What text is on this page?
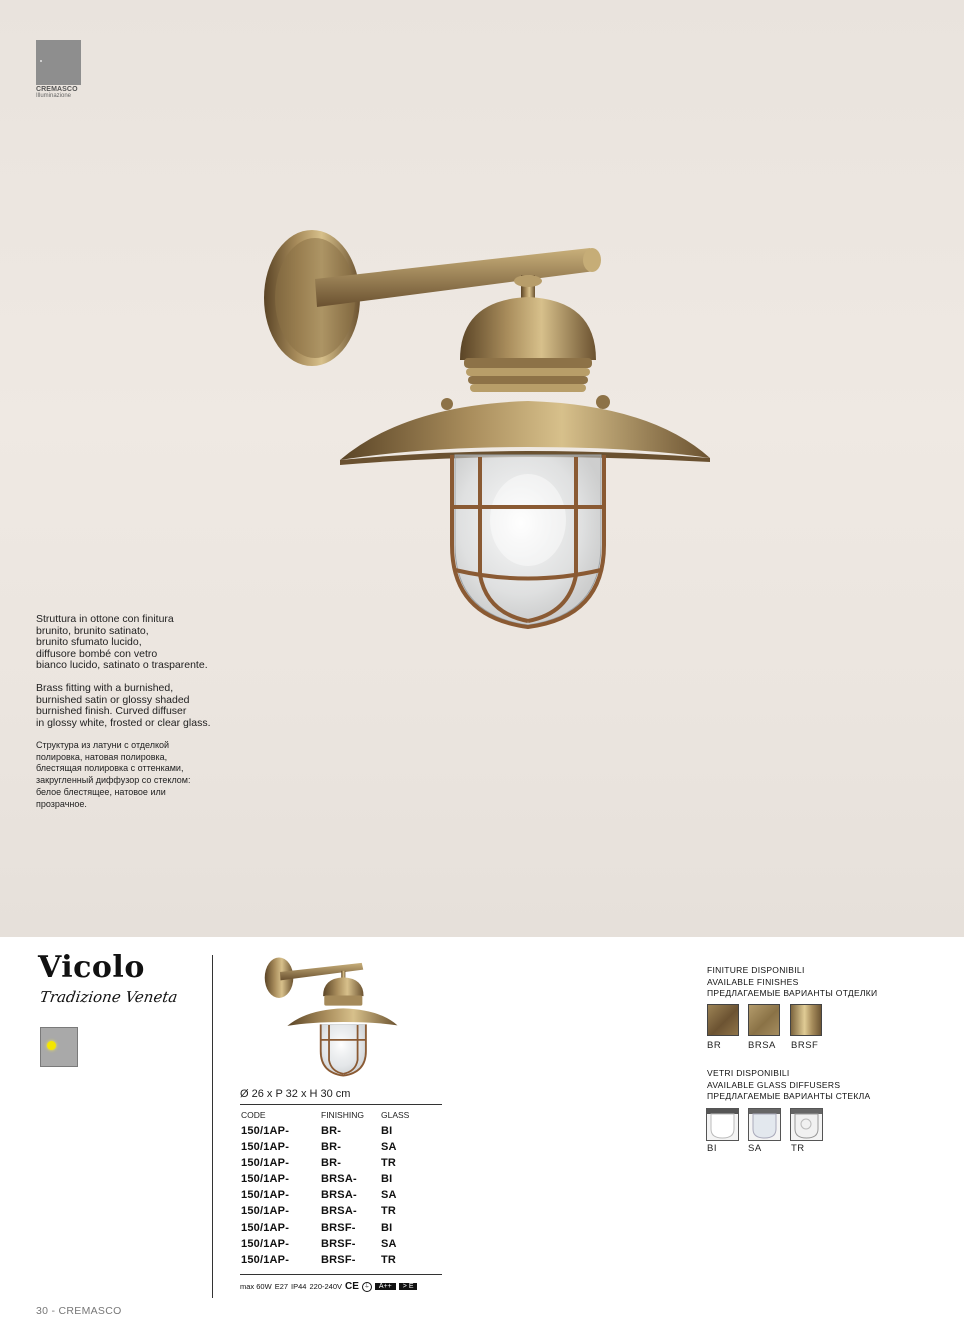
CREMASCO
Illuminazione
Struttura in ottone con finitura
brunito, brunito satinato,
brunito sfumato lucido,
diffusore bombé con vetro
bianco lucido, satinato o trasparente.
Brass fitting with a burnished,
burnished satin or glossy shaded
burnished finish. Curved diffuser
in glossy white, frosted or clear glass.
Структура из латуни с отделкой
полировка, натовая полировка,
блестящая полировка с оттенками,
закругленный диффузор со стеклом:
белое блестящее, натовое или
прозрачное.
Vicolo
Tradizione Veneta
Ø 26 x P 32 x H 30 cm
CODE	FINISHING GLASS
150/1AP-	BR-	BI
150/1AP-	BR-	SA
150/1AP-	BR-	TR
150/1AP-	BRSA- BI
150/1AP-	BRSA- SA
150/1AP-	BRSA- TR
150/1AP-	BRSF- BI
150/1AP-	BRSF- SA
150/1AP-	BRSF- TR
max 60W E27 IP44 220-240V CE ⏚	A++	> E
FINITURE DISPONIBILI
AVAILABLE FINISHES
ПРЕДЛАГАЕМЫЕ ВАРИАНТЫ ОТДЕЛКИ
BR	BRSA BRSF
VETRI DISPONIBILI
AVAILABLE GLASS DIFFUSERS
ПРЕДЛАГАЕМЫЕ ВАРИАНТЫ СТЕКЛА
BI	SA	TR
30 - CREMASCO
